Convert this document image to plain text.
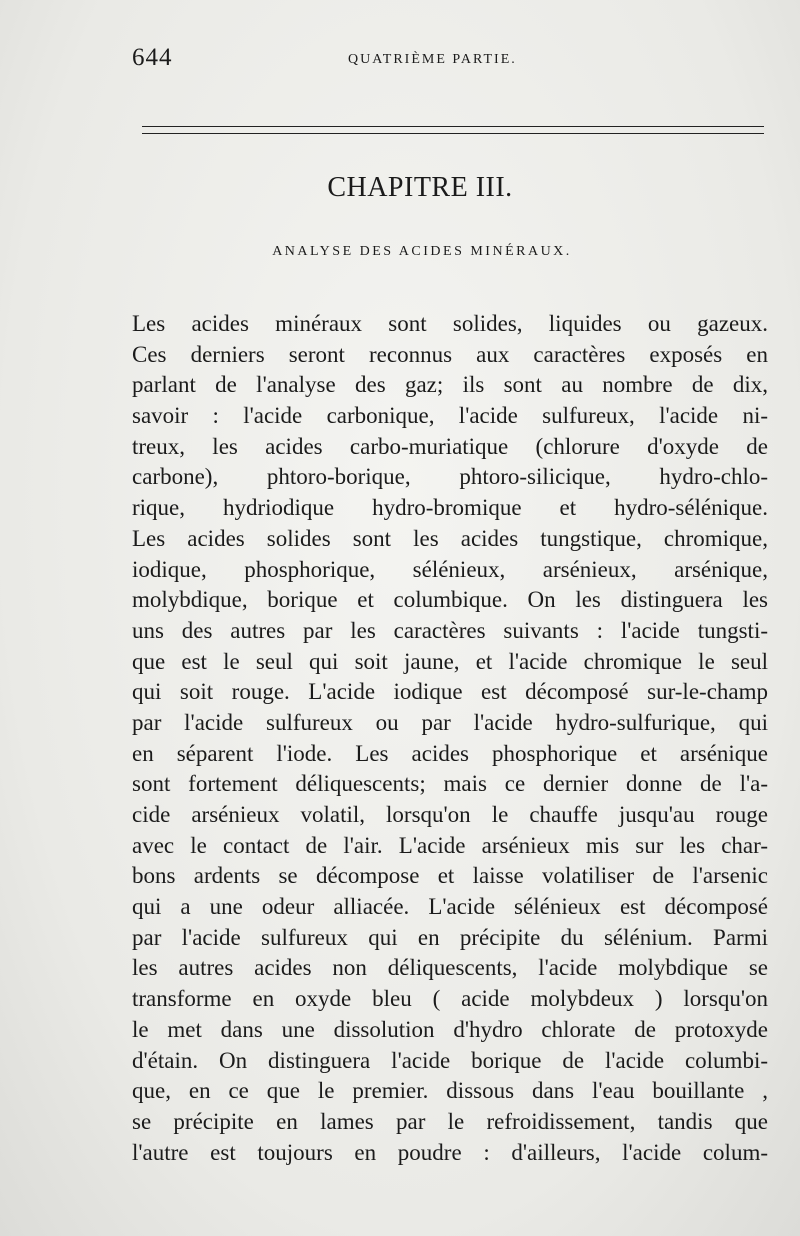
644	QUATRIÈME PARTIE.
CHAPITRE III.
ANALYSE DES ACIDES MINÉRAUX.
Les acides minéraux sont solides, liquides ou gazeux.
Ces derniers seront reconnus aux caractères exposés en
parlant de l'analyse des gaz; ils sont au nombre de dix,
savoir : l'acide carbonique, l'acide sulfureux, l'acide ni-
treux, les acides carbo-muriatique (chlorure d'oxyde de
carbone), phtoro-borique, phtoro-silicique, hydro-chlo-
rique, hydriodique hydro-bromique et hydro-sélénique.
Les acides solides sont les acides tungstique, chromique,
iodique, phosphorique, sélénieux, arsénieux, arsénique,
molybdique, borique et columbique. On les distinguera les
uns des autres par les caractères suivants : l'acide tungsti-
que est le seul qui soit jaune, et l'acide chromique le seul
qui soit rouge. L'acide iodique est décomposé sur-le-champ
par l'acide sulfureux ou par l'acide hydro-sulfurique, qui
en séparent l'iode. Les acides phosphorique et arsénique
sont fortement déliquescents; mais ce dernier donne de l'a-
cide arsénieux volatil, lorsqu'on le chauffe jusqu'au rouge
avec le contact de l'air. L'acide arsénieux mis sur les char-
bons ardents se décompose et laisse volatiliser de l'arsenic
qui a une odeur alliacée. L'acide sélénieux est décomposé
par l'acide sulfureux qui en précipite du sélénium. Parmi
les autres acides non déliquescents, l'acide molybdique se
transforme en oxyde bleu ( acide molybdeux ) lorsqu'on
le met dans une dissolution d'hydro chlorate de protoxyde
d'étain. On distinguera l'acide borique de l'acide columbi-
que, en ce que le premier. dissous dans l'eau bouillante ,
se précipite en lames par le refroidissement, tandis que
l'autre est toujours en poudre : d'ailleurs, l'acide colum-
